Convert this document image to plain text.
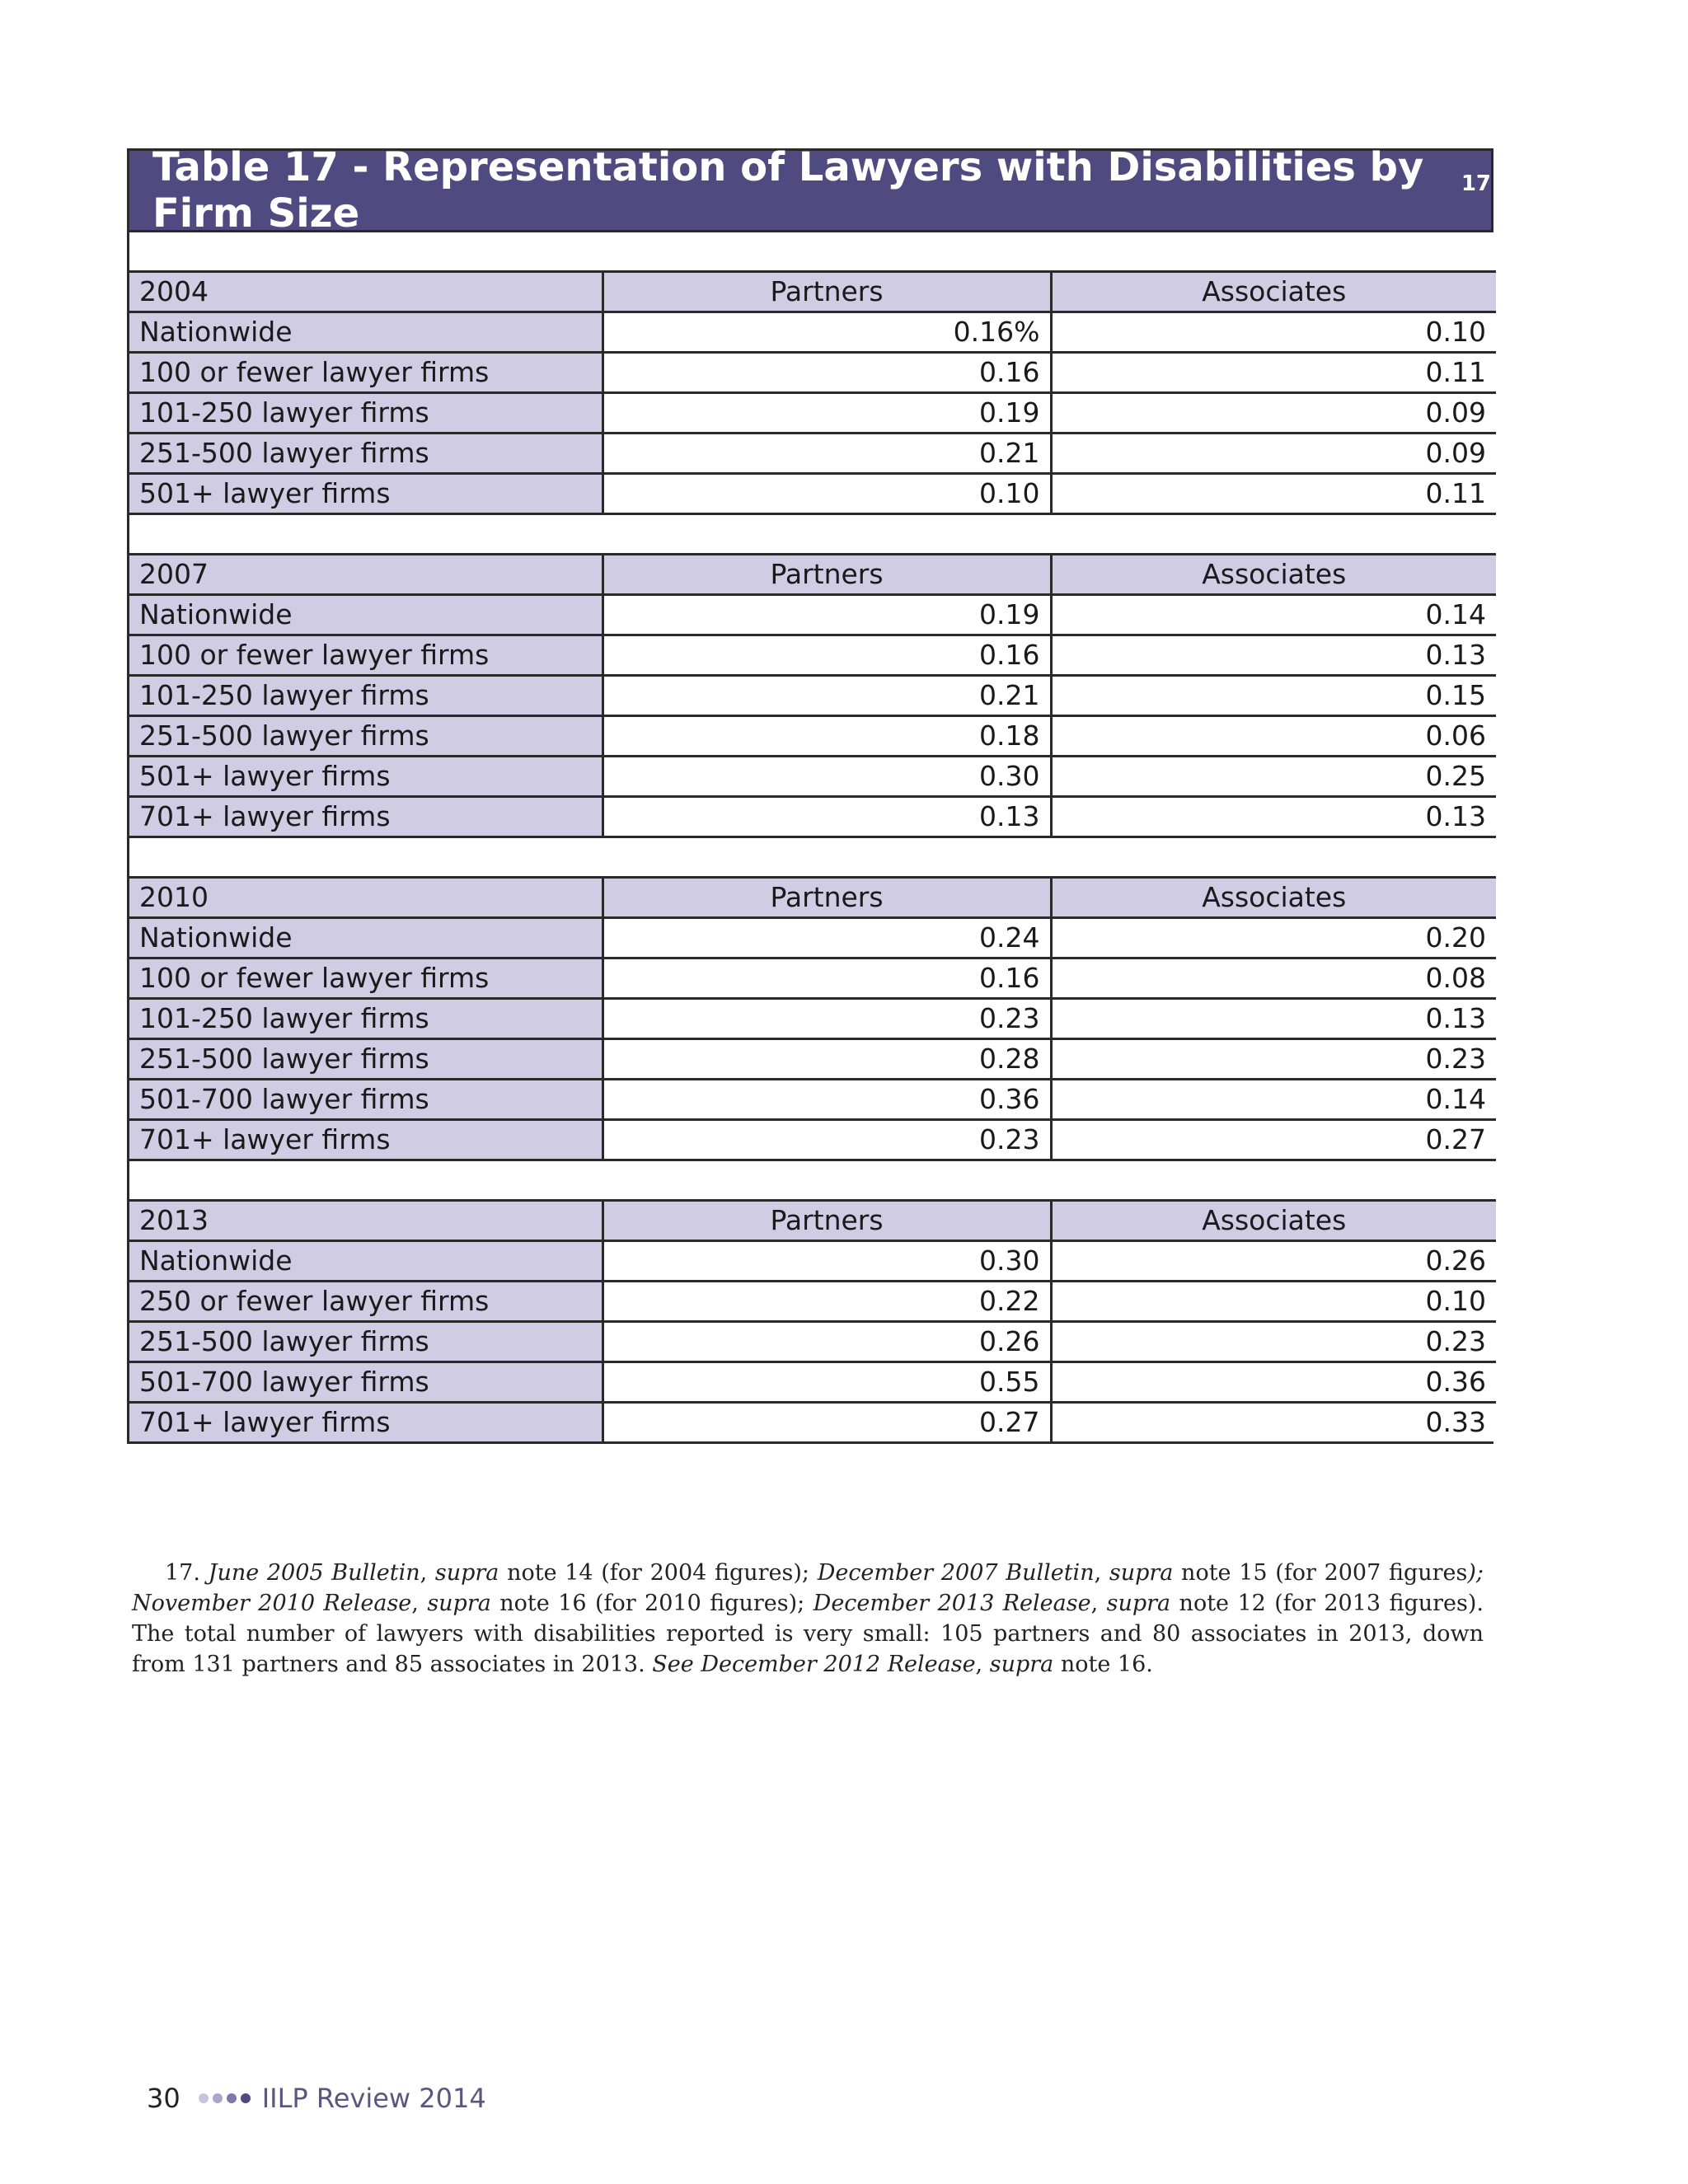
Table 17 - Representation of Lawyers with Disabilities by Firm Size
$^{17}$

2004	Partners	Associates
Nationwide	0.16%	0.10
100 or fewer lawyer firms	0.16	0.11
101-250 lawyer firms	0.19	0.09
251-500 lawyer firms	0.21	0.09
501+ lawyer firms	0.10	0.11

2007	Partners	Associates
Nationwide	0.19	0.14
100 or fewer lawyer firms	0.16	0.13
101-250 lawyer firms	0.21	0.15
251-500 lawyer firms	0.18	0.06
501+ lawyer firms	0.30	0.25
701+ lawyer firms	0.13	0.13

2010	Partners	Associates
Nationwide	0.24	0.20
100 or fewer lawyer firms	0.16	0.08
101-250 lawyer firms	0.23	0.13
251-500 lawyer firms	0.28	0.23
501-700 lawyer firms	0.36	0.14
701+ lawyer firms	0.23	0.27

2013	Partners	Associates
Nationwide	0.30	0.26
250 or fewer lawyer firms	0.22	0.10
251-500 lawyer firms	0.26	0.23
501-700 lawyer firms	0.55	0.36
701+ lawyer firms	0.27	0.33
17. June 2005 Bulletin, supra note 14 (for 2004 figures); December 2007 Bulletin, supra note 15 (for 2007 figures); November 2010 Release, supra note 16 (for 2010 figures); December 2013 Release, supra note 12 (for 2013 figures). The total number of lawyers with disabilities reported is very small: 105 partners and 80 associates in 2013, down from 131 partners and 85 associates in 2013. See December 2012 Release, supra note 16.
30	IILP Review 2014
